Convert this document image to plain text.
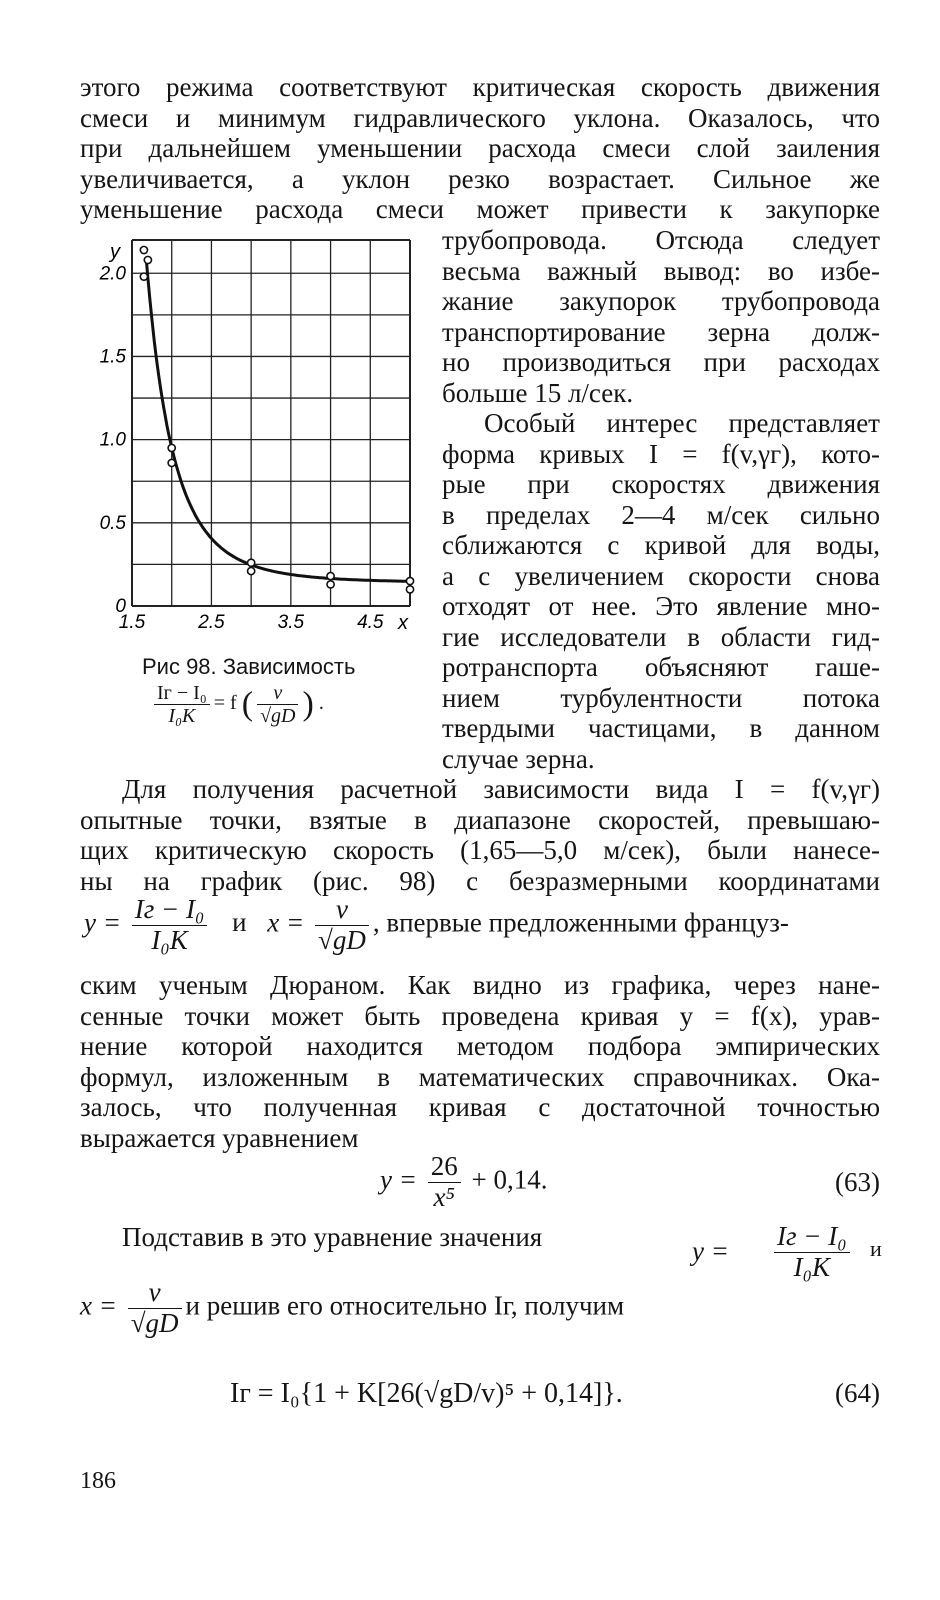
этого режима соответствуют критическая скорость движения
смеси и минимум гидравлического уклона. Оказалось, что
при дальнейшем уменьшении расхода смеси слой заиления
увеличивается, а уклон резко возрастает. Сильное же
уменьшение расхода смеси может привести к закупорке
трубопровода. Отсюда следует
весьма важный вывод: во избе-
жание закупорок трубопровода
транспортирование зерна долж-
но производиться при расходах
больше 15 л/сек.
Особый интерес представляет
форма кривых I = f(v,γг), кото-
рые при скоростях движения
в пределах 2—4 м/сек сильно
сближаются с кривой для воды,
а с увеличением скорости снова
отходят от нее. Это явление мно-
гие исследователи в области гид-
ротранспорта объясняют гаше-
нием турбулентности потока
твердыми частицами, в данном
случае зерна.
1.5	2.5	3.5	4.5
2.0
1.5
1.0
0.5
0
y
x
Рис 98. Зависимость
$\frac{\text{Iг − I₀}}{\text{I₀K}} = f$ ( $\frac{v}{√gD}$ ) .
Для получения расчетной зависимости вида I = f(v,γг)
опытные точки, взятые в диапазоне скоростей, превышаю-
щих критическую скорость (1,65—5,0 м/сек), были нанесе-
ны на график (рис. 98) с безразмерными координатами
$y = \frac{\text{Iг − I₀}}{\text{I₀K}}$ и $x = \frac{v}{√gD}$ , впервые предложенными француз-
ским ученым Дюраном. Как видно из графика, через нане-
сенные точки может быть проведена кривая y = f(x), урав-
нение которой находится методом подбора эмпирических
формул, изложенным в математических справочниках. Ока-
залось, что полученная кривая с достаточной точностью
выражается уравнением
$y = \frac{26}{\text{x⁵}} + 0,14$.	(63)
Подставив в это уравнение значения	y = Iг − I₀
I₀K
и
$x = \frac{v}{√gD}$ и решив его относительно Iг, получим
Iг = I₀{1 + K[26(√gD/v)⁵ + 0,14]}.	(64)
186
